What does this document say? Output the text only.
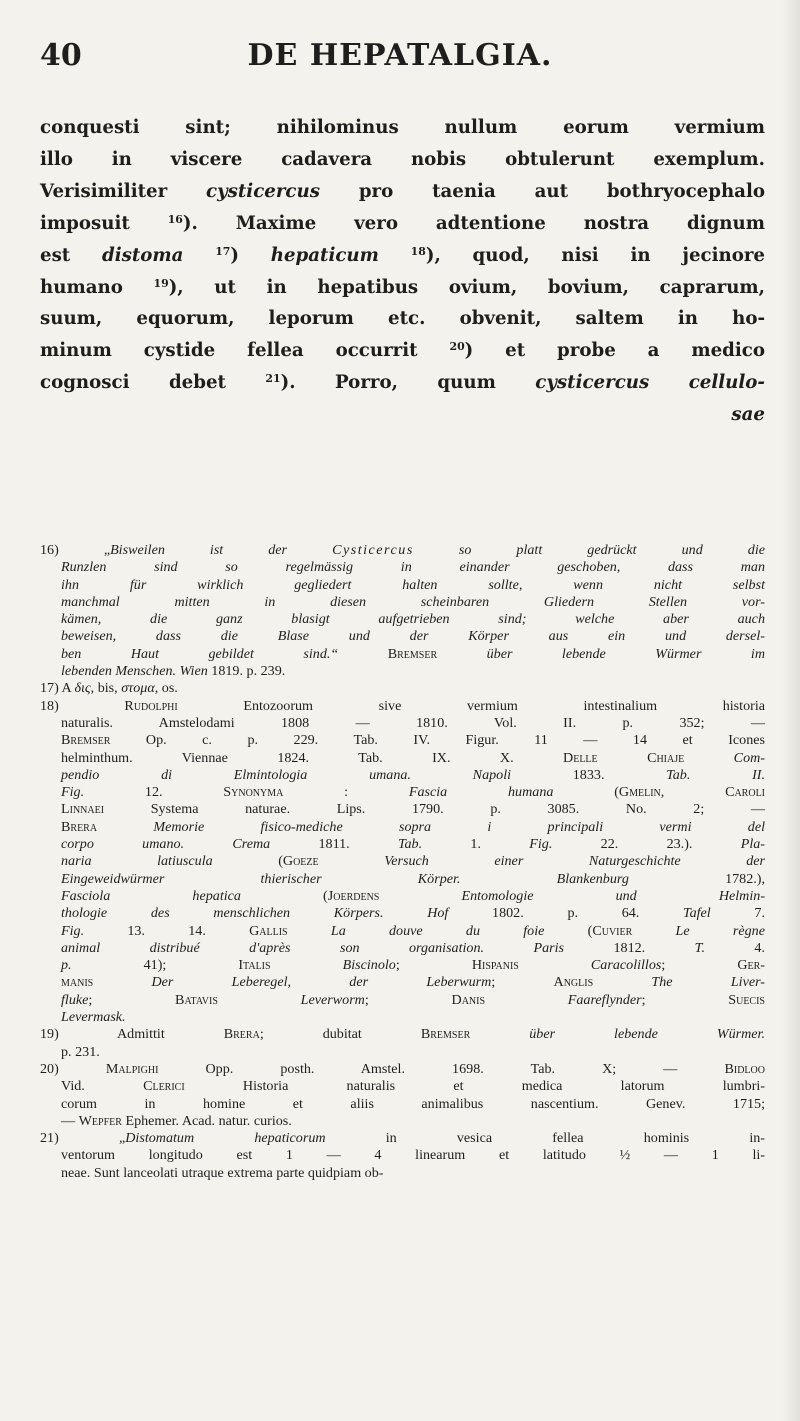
40	DE HEPATALGIA.
conquesti sint; nihilominus nullum eorum vermium
illo in viscere cadavera nobis obtulerunt exemplum.
Verisimiliter cysticercus pro taenia aut bothryocephalo
imposuit $^{16}$). Maxime vero adtentione nostra dignum
est distoma	$^{17}$) hepaticum	$^{18}$), quod, nisi in jecinore
humano $^{19}$), ut in hepatibus ovium, bovium, caprarum,
suum, equorum, leporum etc. obvenit, saltem in ho-
minum cystide fellea occurrit $^{20}$) et probe a medico
cognosci debet $^{21}$). Porro, quum cysticercus cellulo-
sae
16) „Bisweilen ist der Cysticercus so platt gedrückt und die
Runzlen sind so regelmässig in einander geschoben, dass man
ihn für wirklich gegliedert halten sollte, wenn nicht selbst
manchmal mitten in diesen scheinbaren Gliedern Stellen vor-
kämen, die ganz blasigt aufgetrieben sind; welche aber auch
beweisen, dass die Blase und der Körper aus ein und dersel-
ben Haut gebildet sind.“ Bremser über lebende Würmer im
lebenden Menschen. Wien 1819. p. 239.
17) A δις, bis, στομα, os.
18) Rudolphi Entozoorum sive vermium intestinalium historia
naturalis. Amstelodami 1808 — 1810. Vol. II. p. 352; —
Bremser Op. c. p. 229. Tab. IV. Figur. 11 — 14 et Icones
helminthum. Viennae 1824. Tab. IX. X. Delle Chiaje	Com-
pendio di Elmintologia umana. Napoli 1833. Tab. II.
Fig. 12. Synonyma : Fascia humana (Gmelin, Caroli
Linnaei Systema naturae. Lips. 1790. p. 3085. No. 2; —
Brera	Memorie fisico-mediche sopra i principali vermi del
corpo umano. Crema 1811. Tab. 1. Fig. 22. 23.). Pla-
naria latiuscula (Goeze	Versuch einer Naturgeschichte der
Eingeweidwürmer thierischer Körper. Blankenburg 1782.),
Fasciola hepatica (Joerdens	Entomologie und Helmin-
thologie des menschlichen Körpers. Hof 1802. p. 64. Tafel 7.
Fig. 13. 14. Gallis	La douve du foie (Cuvier	Le règne
animal distribué d'après son organisation. Paris 1812. T. 4.
p. 41); Italis	Biscinolo; Hispanis	Caracolillos; Ger-
manis	Der Leberegel, der Leberwurm; Anglis	The Liver-
fluke; Batavis	Leverworm; Danis	Faareflynder; Suecis
Levermask.
19) Admittit Brera; dubitat Bremser	über lebende Würmer.
p. 231.
20) Malpighi Opp. posth. Amstel. 1698. Tab. X; — Bidloo
Vid. Clerici Historia naturalis et medica latorum lumbri-
corum in homine et aliis animalibus nascentium. Genev. 1715;
— Wepfer Ephemer. Acad. natur. curios.
21) „Distomatum hepaticorum in vesica fellea hominis in-
ventorum longitudo est 1 — 4 linearum et latitudo ½ — 1 li-
neae. Sunt lanceolati utraque extrema parte quidpiam ob-
